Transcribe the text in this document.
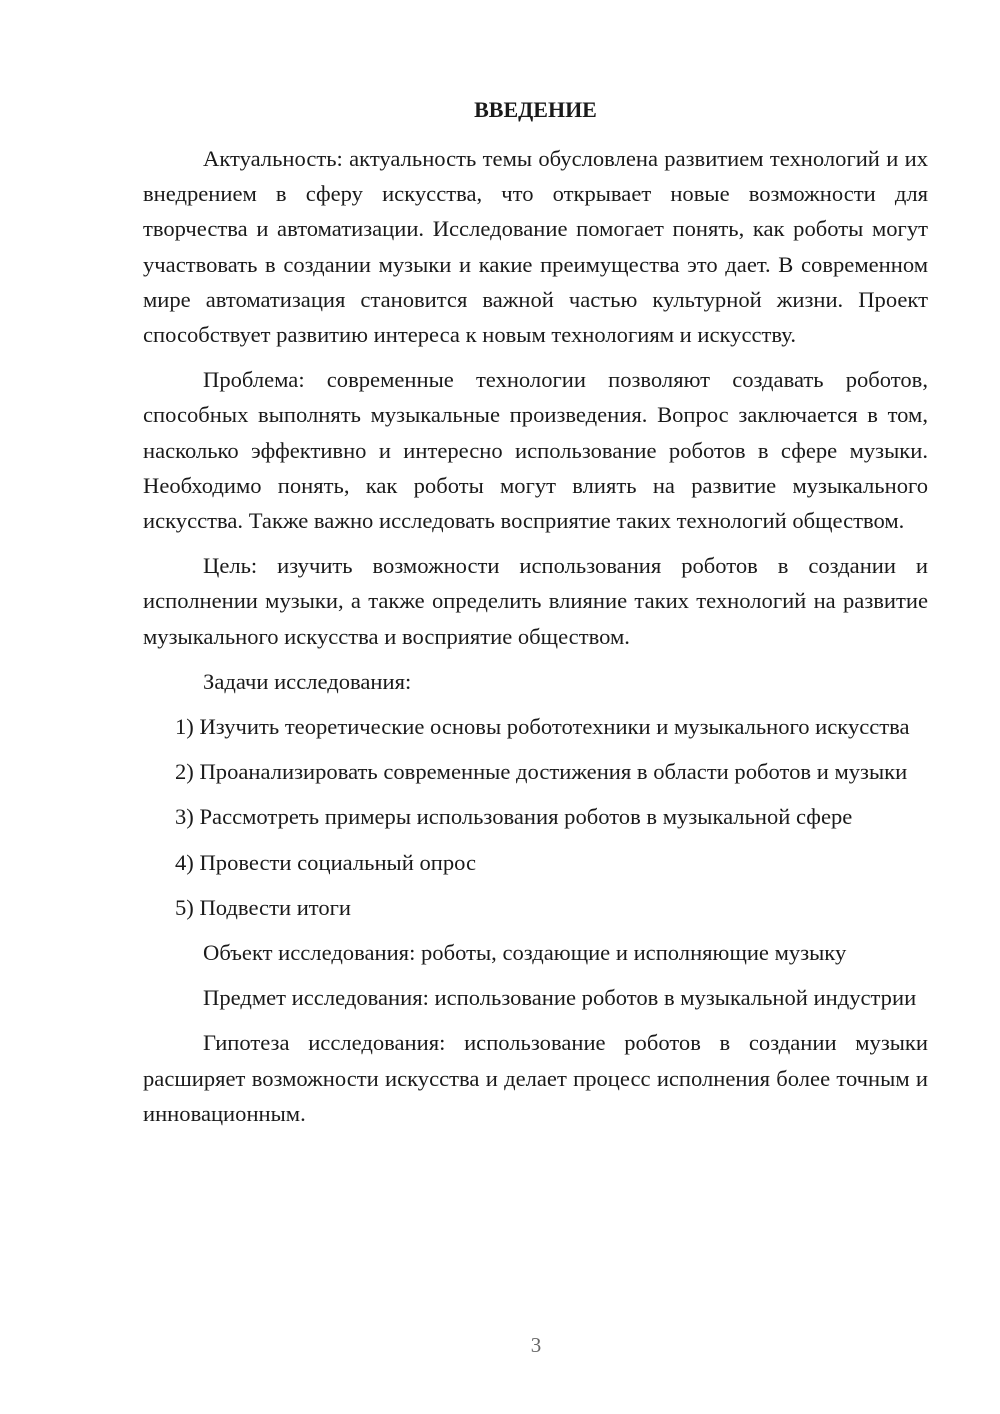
ВВЕДЕНИЕ

Актуальность: актуальность темы обусловлена развитием технологий и их внедрением в сферу искусства, что открывает новые возможности для творчества и автоматизации. Исследование помогает понять, как роботы могут участвовать в создании музыки и какие преимущества это дает. В современном мире автоматизация становится важной частью культурной жизни. Проект способствует развитию интереса к новым технологиям и искусству.

Проблема: современные технологии позволяют создавать роботов, способных выполнять музыкальные произведения. Вопрос заключается в том, насколько эффективно и интересно использование роботов в сфере музыки. Необходимо понять, как роботы могут влиять на развитие музыкального искусства. Также важно исследовать восприятие таких технологий обществом.

Цель: изучить возможности использования роботов в создании и исполнении музыки, а также определить влияние таких технологий на развитие музыкального искусства и восприятие обществом.

Задачи исследования:

1) Изучить теоретические основы робототехники и музыкального искусства

2) Проанализировать современные достижения в области роботов и музыки

3) Рассмотреть примеры использования роботов в музыкальной сфере

4) Провести социальный опрос

5) Подвести итоги

Объект исследования: роботы, создающие и исполняющие музыку

Предмет исследования: использование роботов в музыкальной индустрии

Гипотеза исследования: использование роботов в создании музыки расширяет возможности искусства и делает процесс исполнения более точным и инновационным.

3
